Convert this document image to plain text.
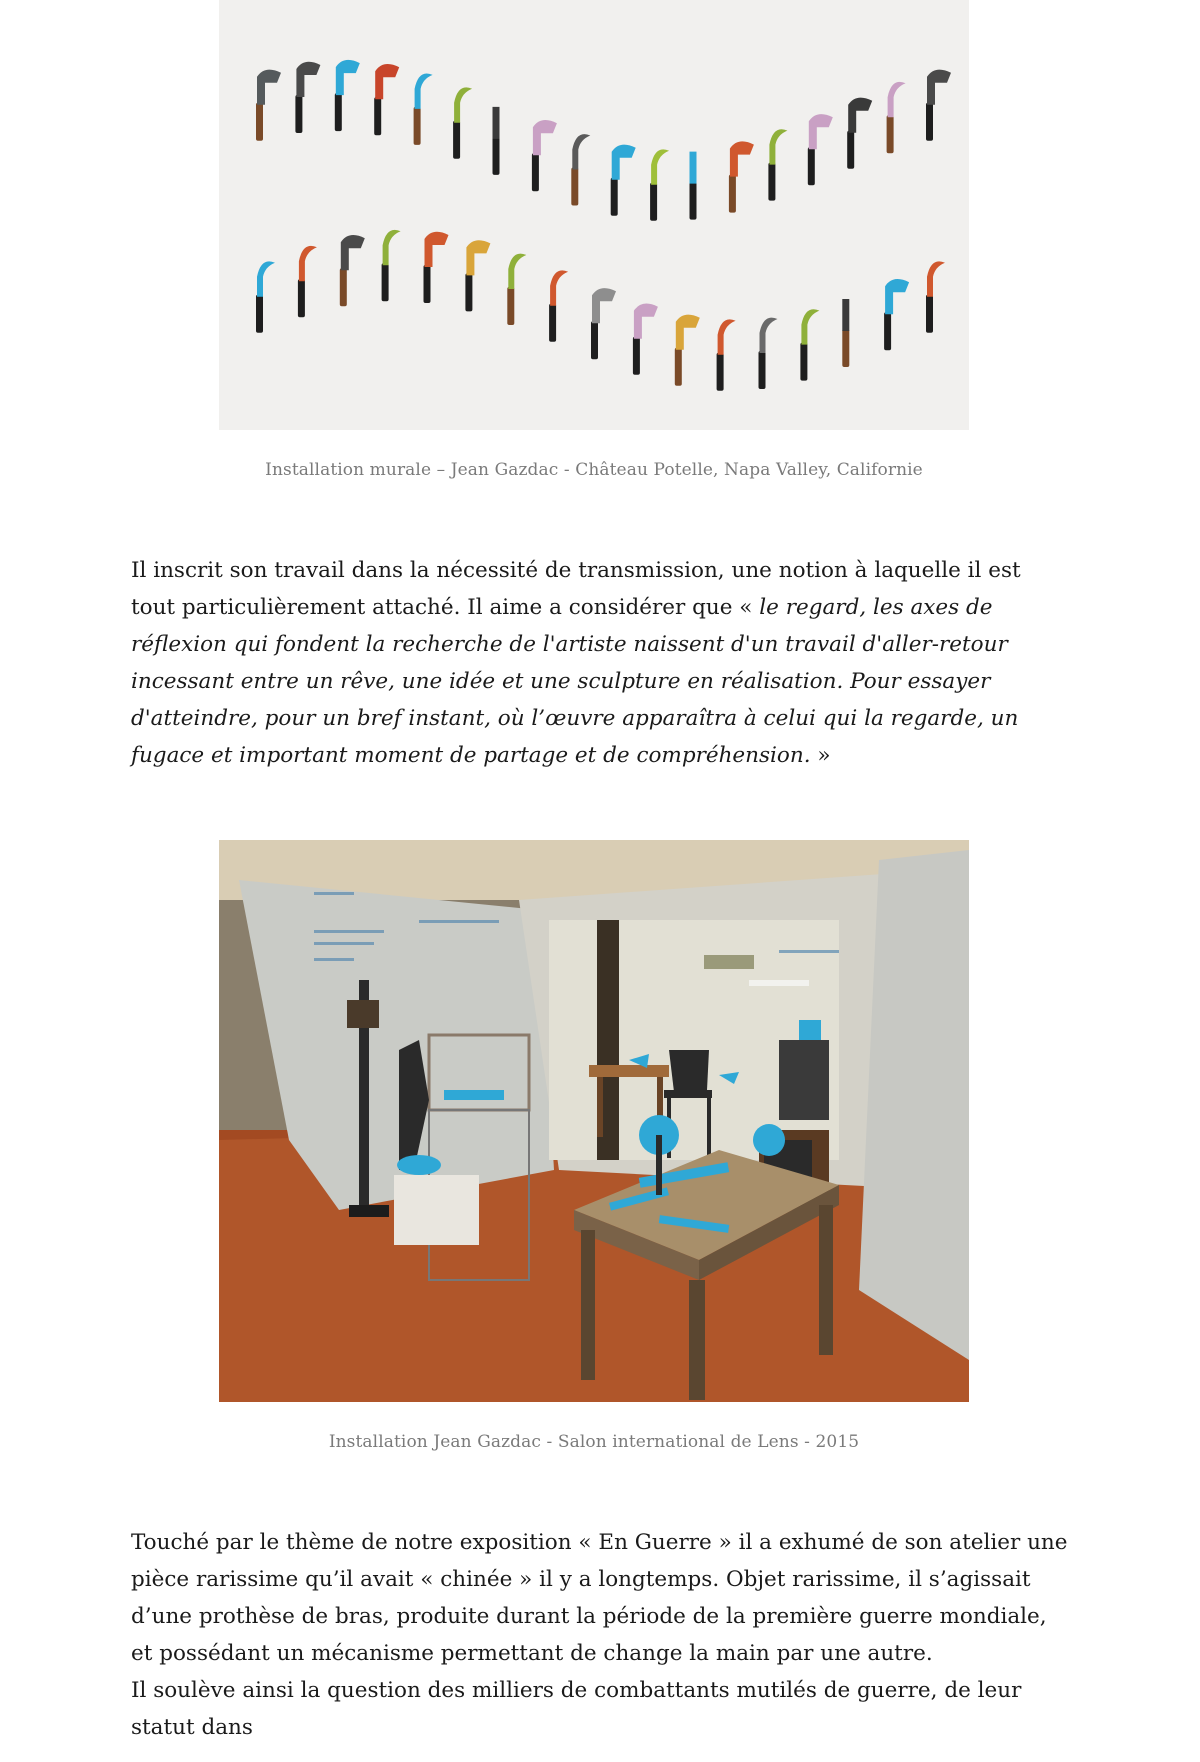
Installation murale – Jean Gazdac - Château Potelle, Napa Valley, Californie

Il inscrit son travail dans la nécessité de transmission, une notion à laquelle il est tout particulièrement attaché. Il aime a considérer que « le regard, les axes de réflexion qui fondent la recherche de l'artiste naissent d'un travail d'aller-retour incessant entre un rêve, une idée et une sculpture en réalisation. Pour essayer d'atteindre, pour un bref instant, où l’œuvre apparaîtra à celui qui la regarde, un fugace et important moment de partage et de compréhension. »

Installation Jean Gazdac - Salon international de Lens - 2015
Touché par le thème de notre exposition « En Guerre » il a exhumé de son atelier une pièce rarissime qu’il avait « chinée » il y a longtemps. Objet rarissime, il s’agissait d’une prothèse de bras, produite durant la période de la première guerre mondiale, et possédant un mécanisme permettant de change la main par une autre.
Il soulève ainsi la question des milliers de combattants mutilés de guerre, de leur statut dans
